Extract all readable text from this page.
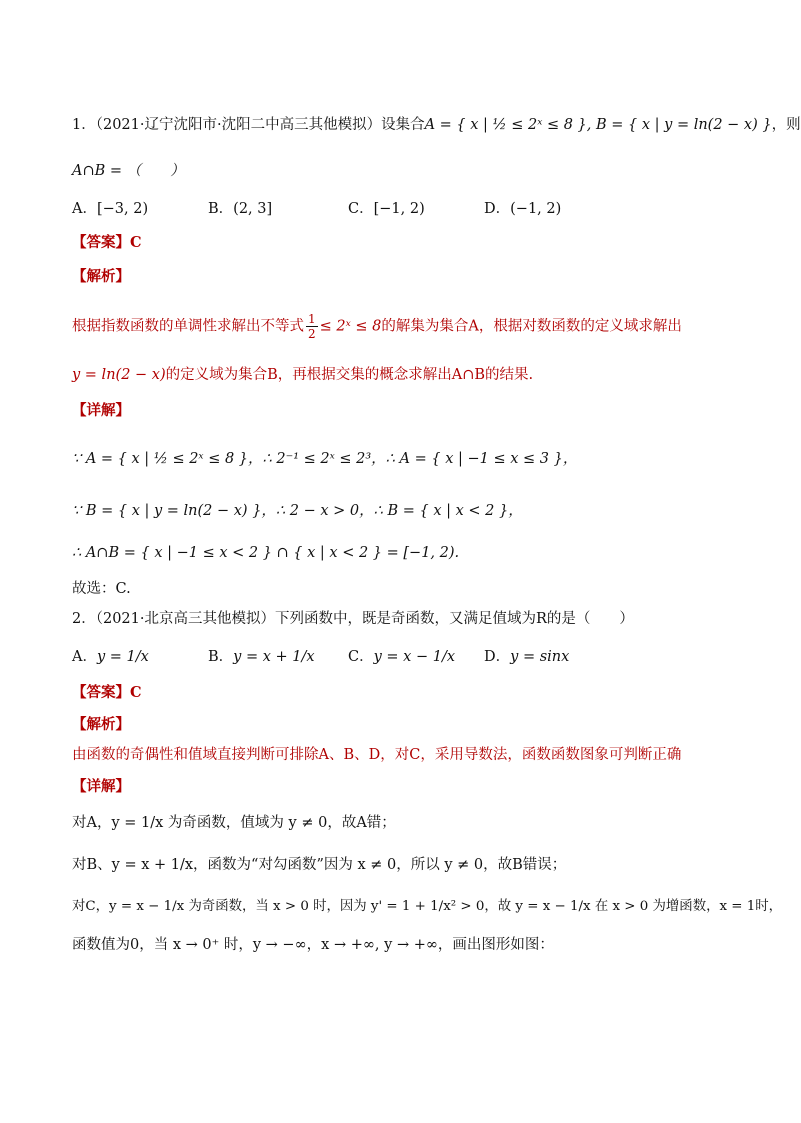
1．（2021·辽宁沈阳市·沈阳二中高三其他模拟）设集合A = { x | ½ ≤ 2ˣ ≤ 8 }, B = { x | y = ln(2 − x) }，则
A∩B = （　　）
A．[−3, 2)	B．(2, 3]	C．[−1, 2)	D．(−1, 2)
【答案】C
【解析】
根据指数函数的单调性求解出不等式 $\frac{1}{2}$ ≤ 2ˣ ≤ 8的解集为集合A，根据对数函数的定义域求解出
y = ln(2 − x)的定义域为集合B，再根据交集的概念求解出A∩B的结果.
【详解】
∵ A = { x | ½ ≤ 2ˣ ≤ 8 }，∴ 2⁻¹ ≤ 2ˣ ≤ 2³，∴ A = { x | −1 ≤ x ≤ 3 }，
∵ B = { x | y = ln(2 − x) }，∴ 2 − x > 0，∴ B = { x | x < 2 }，
∴ A∩B = { x | −1 ≤ x < 2 } ∩ { x | x < 2 } = [−1, 2).
故选：C.
2．（2021·北京高三其他模拟）下列函数中，既是奇函数，又满足值域为R的是（　　）
A．y = 1/x	B．y = x + 1/x C．y = x − 1/x D．y = sinx
【答案】C
【解析】
由函数的奇偶性和值域直接判断可排除A、B、D，对C，采用导数法，函数函数图象可判断正确
【详解】
对A，y = 1/x 为奇函数，值域为 y ≠ 0，故A错；
对B、y = x + 1/x，函数为“对勾函数”因为 x ≠ 0，所以 y ≠ 0，故B错误；
对C，y = x − 1/x 为奇函数，当 x > 0 时，因为 y' = 1 + 1/x² > 0，故 y = x − 1/x 在 x > 0 为增函数，x = 1时，
函数值为0，当 x → 0⁺ 时，y → −∞，x → +∞, y → +∞，画出图形如图：
